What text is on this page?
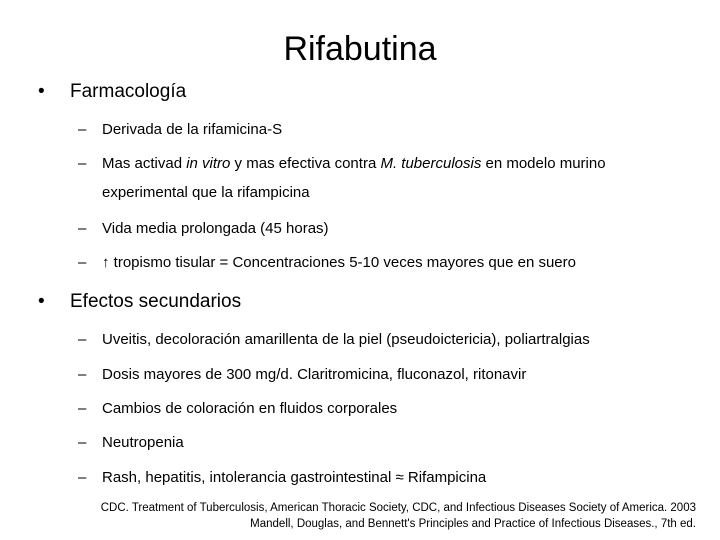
Rifabutina
• Farmacología
– Derivada de la rifamicina-S
– Mas activad in vitro y mas efectiva contra M. tuberculosis en modelo murino
experimental que la rifampicina
– Vida media prolongada (45 horas)
– ↑ tropismo tisular = Concentraciones 5-10 veces mayores que en suero
• Efectos secundarios
– Uveitis, decoloración amarillenta de la piel (pseudoictericia), poliartralgias
– Dosis mayores de 300 mg/d. Claritromicina, fluconazol, ritonavir
– Cambios de coloración en fluidos corporales
– Neutropenia
– Rash, hepatitis, intolerancia gastrointestinal ≈ Rifampicina
CDC. Treatment of Tuberculosis, American Thoracic Society, CDC, and Infectious Diseases Society of America. 2003
Mandell, Douglas, and Bennett's Principles and Practice of Infectious Diseases., 7th ed.
